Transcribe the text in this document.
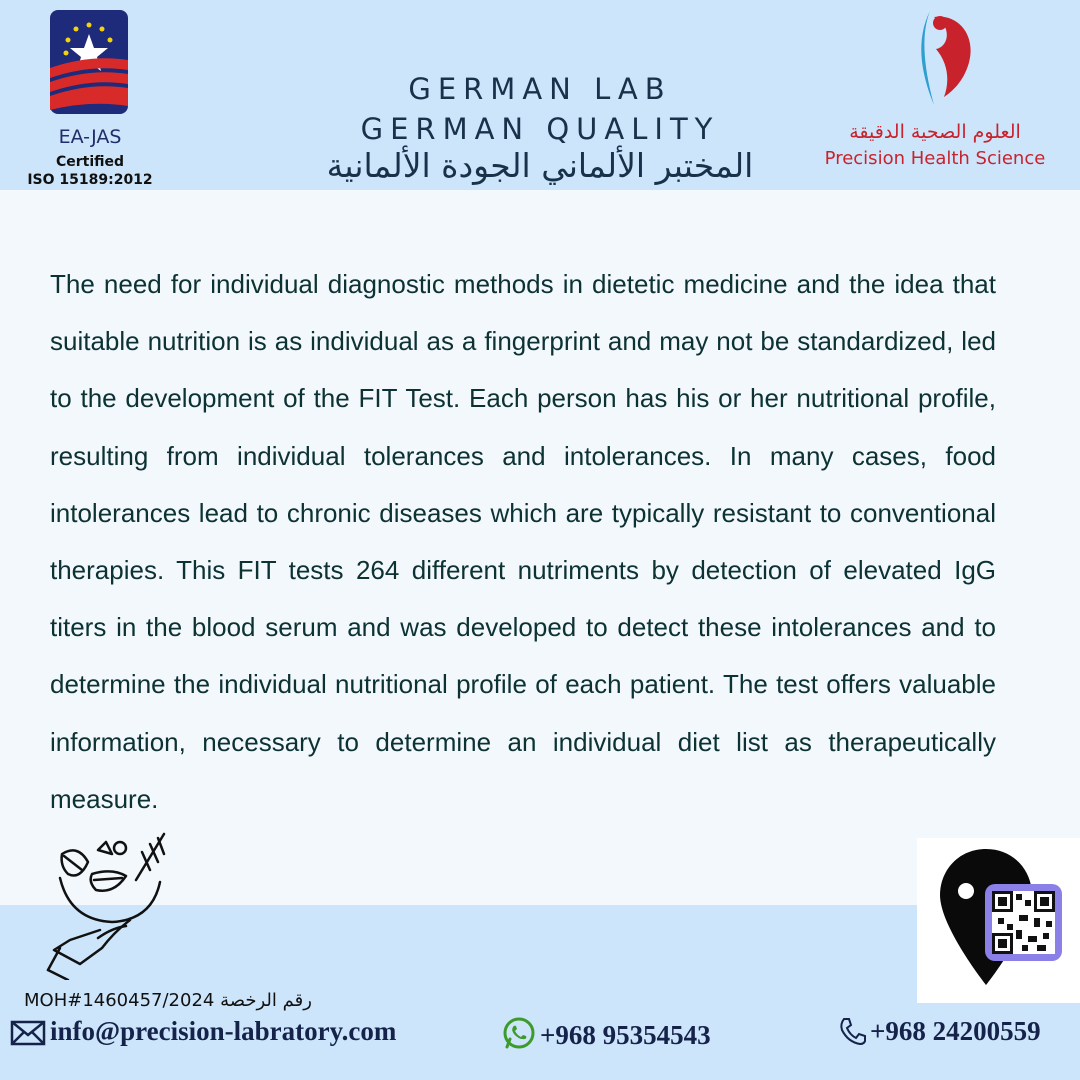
EA-JAS
Certified
ISO 15189:2012
GERMAN LAB
GERMAN QUALITY
المختبر الألماني الجودة الألمانية
العلوم الصحية الدقيقة
Precision Health Science
The need for individual diagnostic methods in dietetic medicine and the idea that suitable nutrition is as individual as a fingerprint and may not be standardized, led to the development of the FIT Test. Each person has his or her nutritional profile, resulting from individual tolerances and intolerances. In many cases, food intolerances lead to chronic diseases which are typically resistant to conventional therapies. This FIT tests 264 different nutriments by detection of elevated IgG titers in the blood serum and was developed to detect these intolerances and to determine the individual nutritional profile of each patient. The test offers valuable information, necessary to determine an individual diet list as therapeutically measure.
MOH#1460457/2024 رقم الرخصة
info@precision-labratory.com	+968 95354543	+968 24200559
